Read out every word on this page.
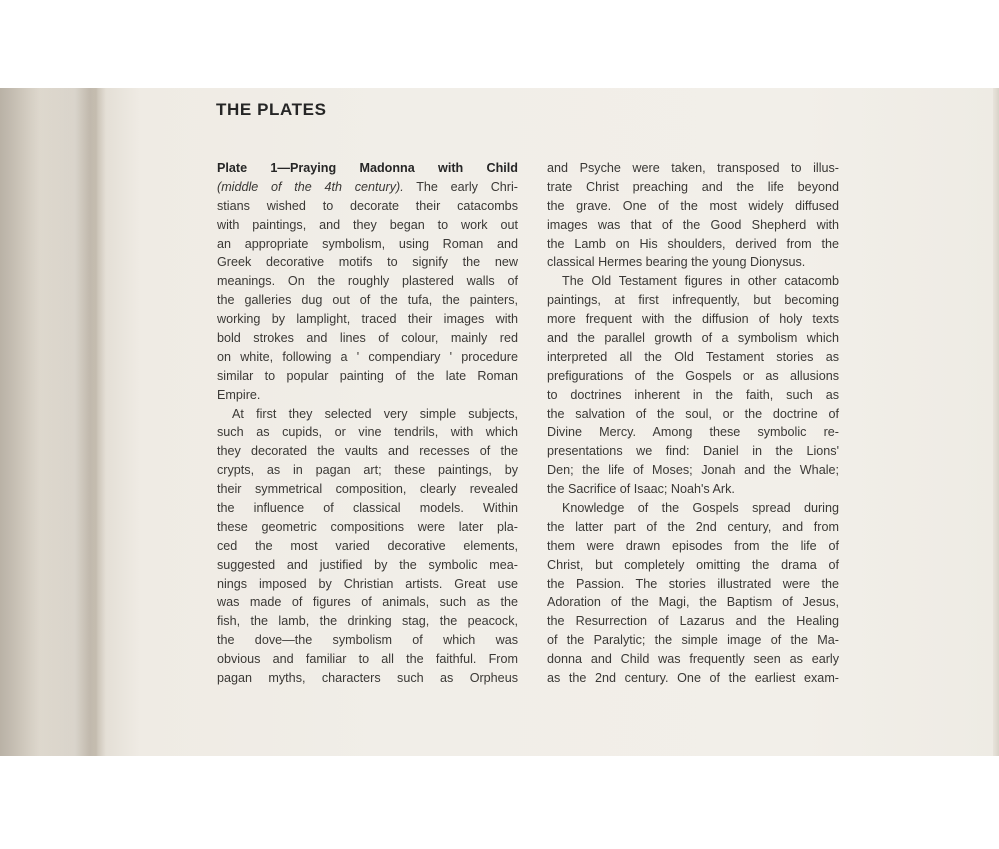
THE PLATES
Plate 1—Praying Madonna with Child
(middle of the 4th century). The early Chri-
stians wished to decorate their catacombs
with paintings, and they began to work out
an appropriate symbolism, using Roman and
Greek decorative motifs to signify the new
meanings. On the roughly plastered walls of
the galleries dug out of the tufa, the painters,
working by lamplight, traced their images with
bold strokes and lines of colour, mainly red
on white, following a ' compendiary ' procedure
similar to popular painting of the late Roman
Empire.
At first they selected very simple subjects,
such as cupids, or vine tendrils, with which
they decorated the vaults and recesses of the
crypts, as in pagan art; these paintings, by
their symmetrical composition, clearly revealed
the influence of classical models. Within
these geometric compositions were later pla-
ced the most varied decorative elements,
suggested and justified by the symbolic mea-
nings imposed by Christian artists. Great use
was made of figures of animals, such as the
fish, the lamb, the drinking stag, the peacock,
the dove—the symbolism of which was
obvious and familiar to all the faithful. From
pagan myths, characters such as Orpheus
and Psyche were taken, transposed to illus-
trate Christ preaching and the life beyond
the grave. One of the most widely diffused
images was that of the Good Shepherd with
the Lamb on His shoulders, derived from the
classical Hermes bearing the young Dionysus.
The Old Testament figures in other catacomb
paintings, at first infrequently, but becoming
more frequent with the diffusion of holy texts
and the parallel growth of a symbolism which
interpreted all the Old Testament stories as
prefigurations of the Gospels or as allusions
to doctrines inherent in the faith, such as
the salvation of the soul, or the doctrine of
Divine Mercy. Among these symbolic re-
presentations we find: Daniel in the Lions'
Den; the life of Moses; Jonah and the Whale;
the Sacrifice of Isaac; Noah's Ark.
Knowledge of the Gospels spread during
the latter part of the 2nd century, and from
them were drawn episodes from the life of
Christ, but completely omitting the drama of
the Passion. The stories illustrated were the
Adoration of the Magi, the Baptism of Jesus,
the Resurrection of Lazarus and the Healing
of the Paralytic; the simple image of the Ma-
donna and Child was frequently seen as early
as the 2nd century. One of the earliest exam-
